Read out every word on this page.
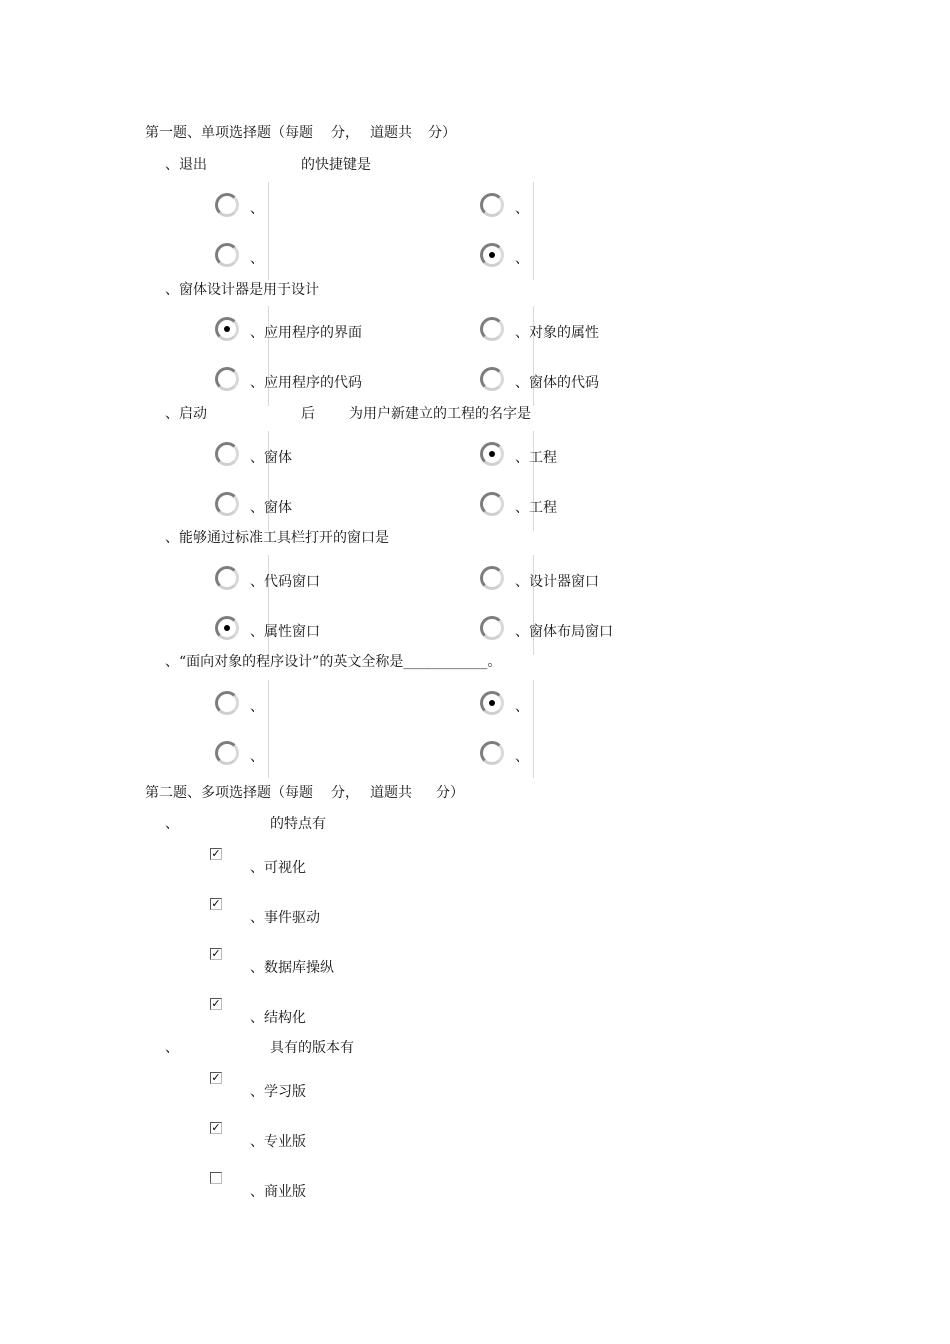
第一题、单项选择题（每题 分， 道题共 分）
、退出	的快捷键是
、	、
、	、
、窗体设计器是用于设计
、应用程序的界面	、对象的属性
、应用程序的代码	、窗体的代码
、启动	后 为用户新建立的工程的名字是
、窗体	、工程
、窗体	、工程
、能够通过标准工具栏打开的窗口是
、代码窗口	、设计器窗口
、属性窗口	、窗体布局窗口
、“面向对象的程序设计”的英文全称是____________。
、	、
、	、
第二题、多项选择题（每题 分， 道题共 分）
、	的特点有
✓
、可视化
✓
、事件驱动
✓
、数据库操纵
✓
、结构化
、	具有的版本有
✓
、学习版
✓
、专业版
、商业版
